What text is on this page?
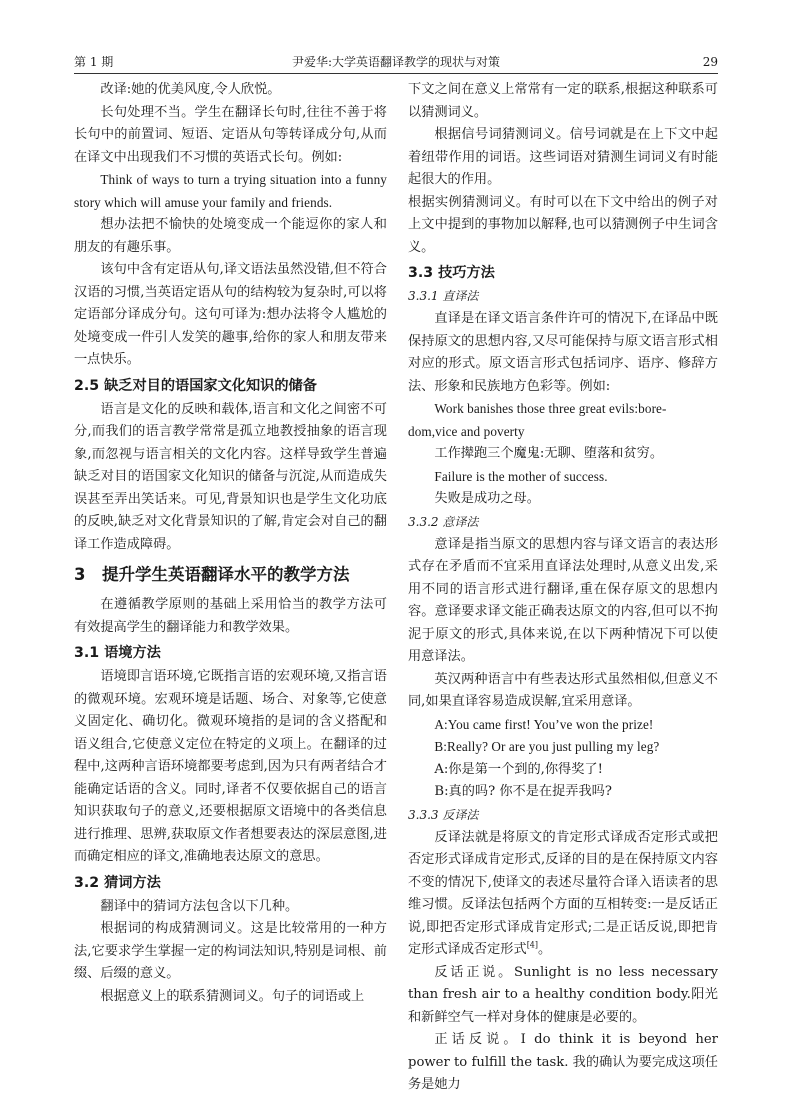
第 1 期	尹爱华:大学英语翻译教学的现状与对策	29

改译:她的优美风度,令人欣悦。

长句处理不当。学生在翻译长句时,往往不善于将长句中的前置词、短语、定语从句等转译成分句,从而在译文中出现我们不习惯的英语式长句。例如:

Think of ways to turn a trying situation into a funny story which will amuse your family and friends.

想办法把不愉快的处境变成一个能逗你的家人和朋友的有趣乐事。

该句中含有定语从句,译文语法虽然没错,但不符合汉语的习惯,当英语定语从句的结构较为复杂时,可以将定语部分译成分句。这句可译为:想办法将令人尴尬的处境变成一件引人发笑的趣事,给你的家人和朋友带来一点快乐。

2.5 缺乏对目的语国家文化知识的储备

语言是文化的反映和载体,语言和文化之间密不可分,而我们的语言教学常常是孤立地教授抽象的语言现象,而忽视与语言相关的文化内容。这样导致学生普遍缺乏对目的语国家文化知识的储备与沉淀,从而造成失误甚至弄出笑话来。可见,背景知识也是学生文化功底的反映,缺乏对文化背景知识的了解,肯定会对自己的翻译工作造成障碍。

3　提升学生英语翻译水平的教学方法

在遵循教学原则的基础上采用恰当的教学方法可有效提高学生的翻译能力和教学效果。

3.1 语境方法

语境即言语环境,它既指言语的宏观环境,又指言语的微观环境。宏观环境是话题、场合、对象等,它使意义固定化、确切化。微观环境指的是词的含义搭配和语义组合,它使意义定位在特定的义项上。在翻译的过程中,这两种言语环境都要考虑到,因为只有两者结合才能确定话语的含义。同时,译者不仅要依据自己的语言知识获取句子的意义,还要根据原文语境中的各类信息进行推理、思辨,获取原文作者想要表达的深层意图,进而确定相应的译文,准确地表达原文的意思。

3.2 猜词方法

翻译中的猜词方法包含以下几种。

根据词的构成猜测词义。这是比较常用的一种方法,它要求学生掌握一定的构词法知识,特别是词根、前缀、后缀的意义。

根据意义上的联系猜测词义。句子的词语或上

下文之间在意义上常常有一定的联系,根据这种联系可以猜测词义。

根据信号词猜测词义。信号词就是在上下文中起着纽带作用的词语。这些词语对猜测生词词义有时能起很大的作用。

根据实例猜测词义。有时可以在下文中给出的例子对上文中提到的事物加以解释,也可以猜测例子中生词含义。

3.3 技巧方法
3.3.1 直译法

直译是在译文语言条件许可的情况下,在译品中既保持原文的思想内容,又尽可能保持与原文语言形式相对应的形式。原文语言形式包括词序、语序、修辞方法、形象和民族地方色彩等。例如:

Work banishes those three great evils:bore-

dom,vice and poverty

工作撵跑三个魔鬼:无聊、堕落和贫穷。

Failure is the mother of success.

失败是成功之母。

3.3.2 意译法

意译是指当原文的思想内容与译文语言的表达形式存在矛盾而不宜采用直译法处理时,从意义出发,采用不同的语言形式进行翻译,重在保存原文的思想内容。意译要求译文能正确表达原文的内容,但可以不拘泥于原文的形式,具体来说,在以下两种情况下可以使用意译法。

英汉两种语言中有些表达形式虽然相似,但意义不同,如果直译容易造成误解,宜采用意译。

A:You came first! You’ve won the prize!

B:Really? Or are you just pulling my leg?

A:你是第一个到的,你得奖了!

B:真的吗? 你不是在捉弄我吗?

3.3.3 反译法

反译法就是将原文的肯定形式译成否定形式或把否定形式译成肯定形式,反译的目的是在保持原文内容不变的情况下,使译文的表述尽量符合译入语读者的思维习惯。反译法包括两个方面的互相转变:一是反话正说,即把否定形式译成肯定形式;二是正话反说,即把肯定形式译成否定形式[4]。

反话正说。Sunlight is no less necessary than fresh air to a healthy condition body.阳光和新鲜空气一样对身体的健康是必要的。

正话反说。I do think it is beyond her power to fulfill the task. 我的确认为要完成这项任务是她力
